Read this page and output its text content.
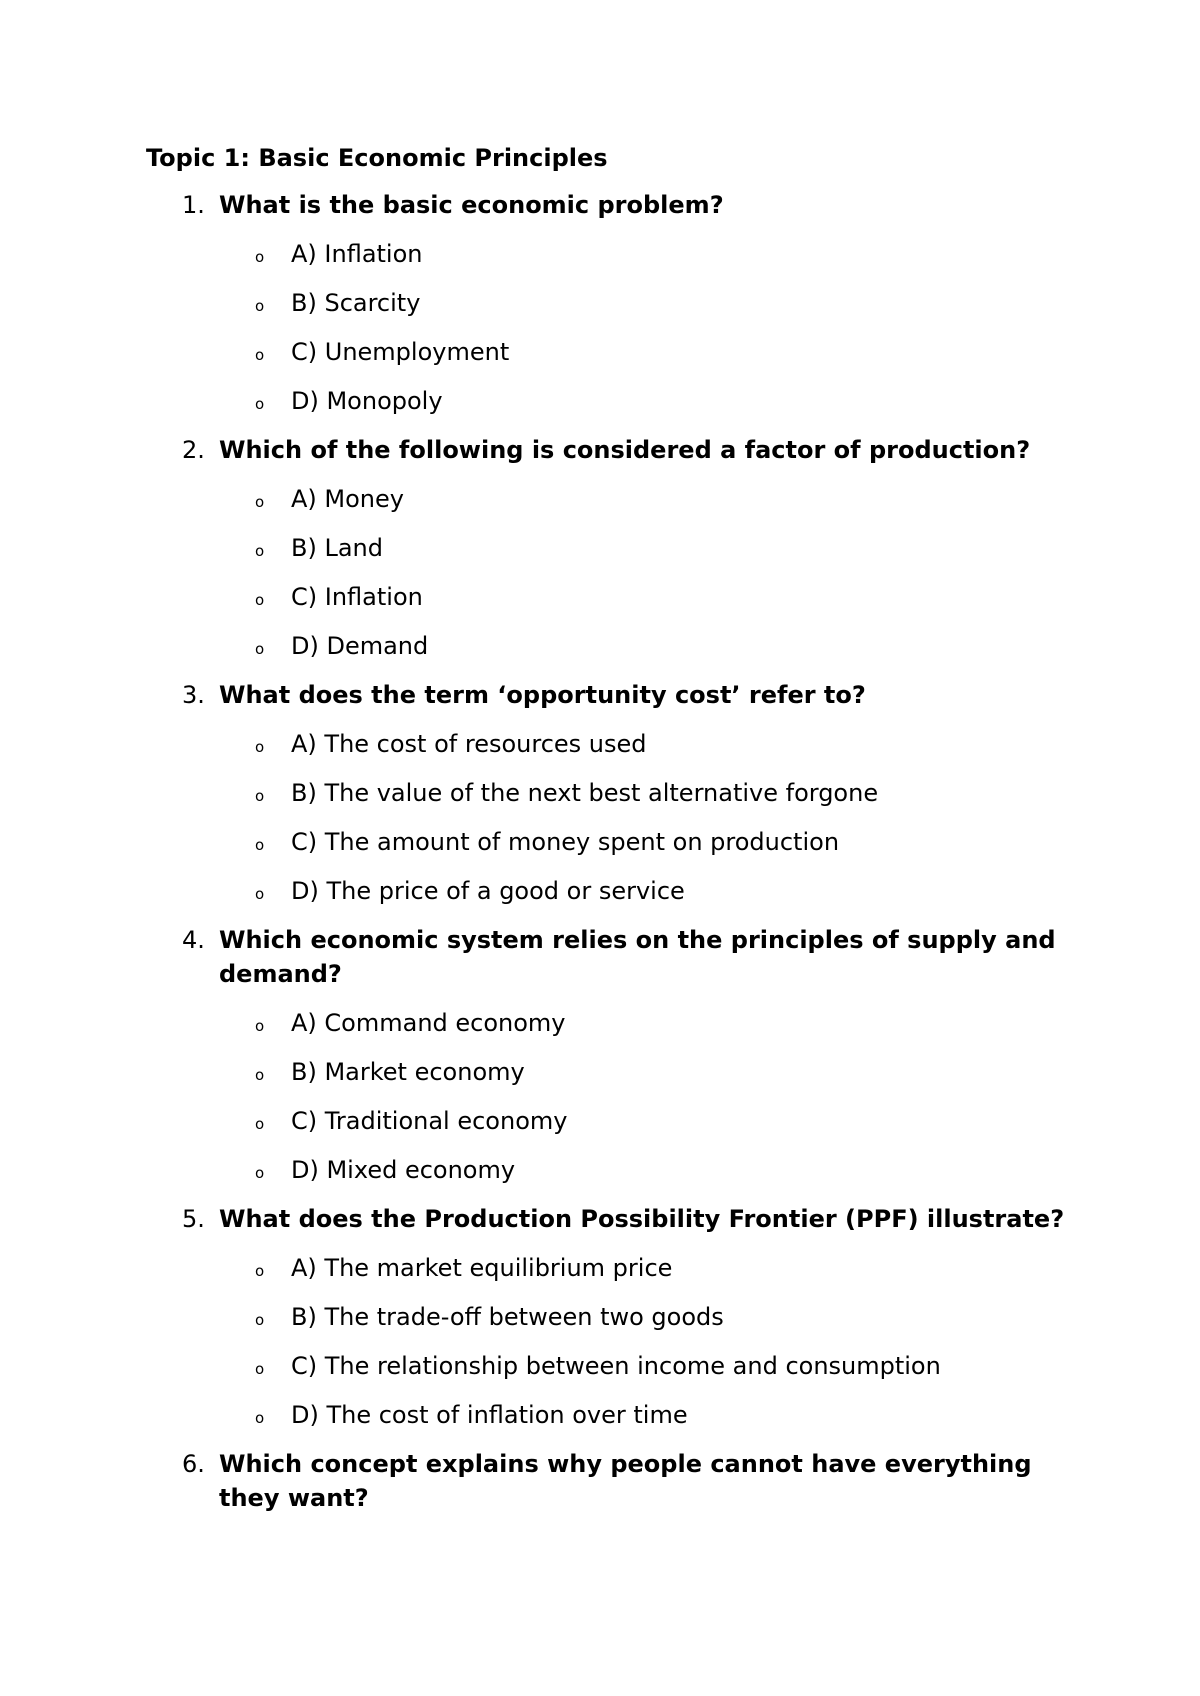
Topic 1: Basic Economic Principles
1. What is the basic economic problem?
o A) Inflation
o B) Scarcity
o C) Unemployment
o D) Monopoly
2. Which of the following is considered a factor of production?
o A) Money
o B) Land
o C) Inflation
o D) Demand
3. What does the term ‘opportunity cost’ refer to?
o A) The cost of resources used
o B) The value of the next best alternative forgone
o C) The amount of money spent on production
o D) The price of a good or service
4. Which economic system relies on the principles of supply and demand?
o A) Command economy
o B) Market economy
o C) Traditional economy
o D) Mixed economy
5. What does the Production Possibility Frontier (PPF) illustrate?
o A) The market equilibrium price
o B) The trade-off between two goods
o C) The relationship between income and consumption
o D) The cost of inflation over time
6. Which concept explains why people cannot have everything they want?
